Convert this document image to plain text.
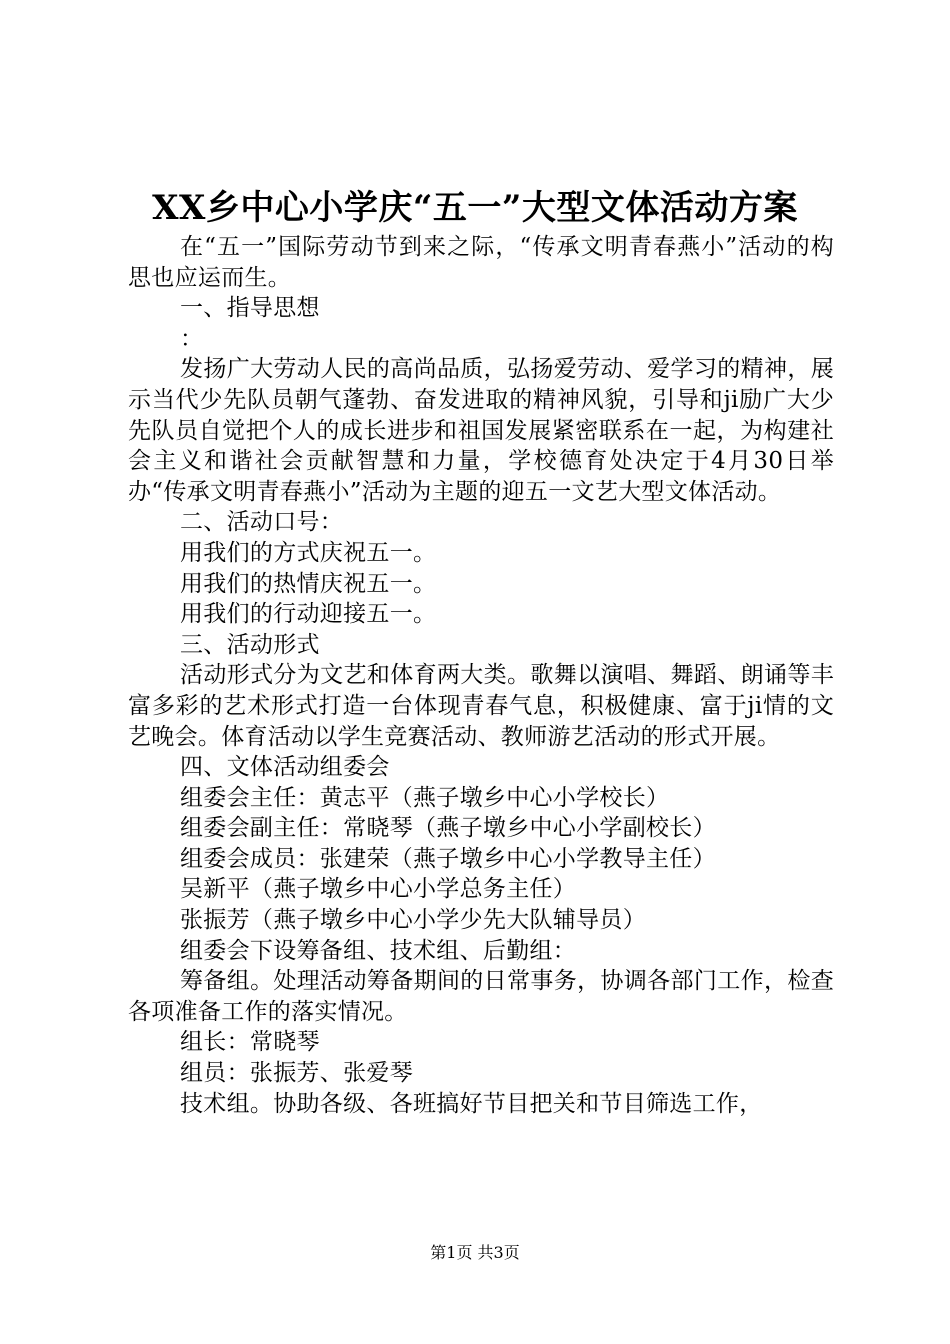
XX乡中心小学庆“五一”大型文体活动方案

在“五一”国际劳动节到来之际，“传承文明青春燕小”活动的构思也应运而生。

一、指导思想

：

发扬广大劳动人民的高尚品质，弘扬爱劳动、爱学习的精神，展示当代少先队员朝气蓬勃、奋发进取的精神风貌，引导和ji励广大少先队员自觉把个人的成长进步和祖国发展紧密联系在一起，为构建社会主义和谐社会贡献智慧和力量，学校德育处决定于4月30日举办“传承文明青春燕小”活动为主题的迎五一文艺大型文体活动。

二、活动口号：

用我们的方式庆祝五一。

用我们的热情庆祝五一。

用我们的行动迎接五一。

三、活动形式

活动形式分为文艺和体育两大类。歌舞以演唱、舞蹈、朗诵等丰富多彩的艺术形式打造一台体现青春气息，积极健康、富于ji情的文艺晚会。体育活动以学生竞赛活动、教师游艺活动的形式开展。

四、文体活动组委会

组委会主任：黄志平（燕子墩乡中心小学校长）

组委会副主任：常晓琴（燕子墩乡中心小学副校长）

组委会成员：张建荣（燕子墩乡中心小学教导主任）

吴新平（燕子墩乡中心小学总务主任）

张振芳（燕子墩乡中心小学少先大队辅导员）

组委会下设筹备组、技术组、后勤组：

筹备组。处理活动筹备期间的日常事务，协调各部门工作，检查各项准备工作的落实情况。

组长：常晓琴

组员：张振芳、张爱琴

技术组。协助各级、各班搞好节目把关和节目筛选工作，

第1页 共3页
